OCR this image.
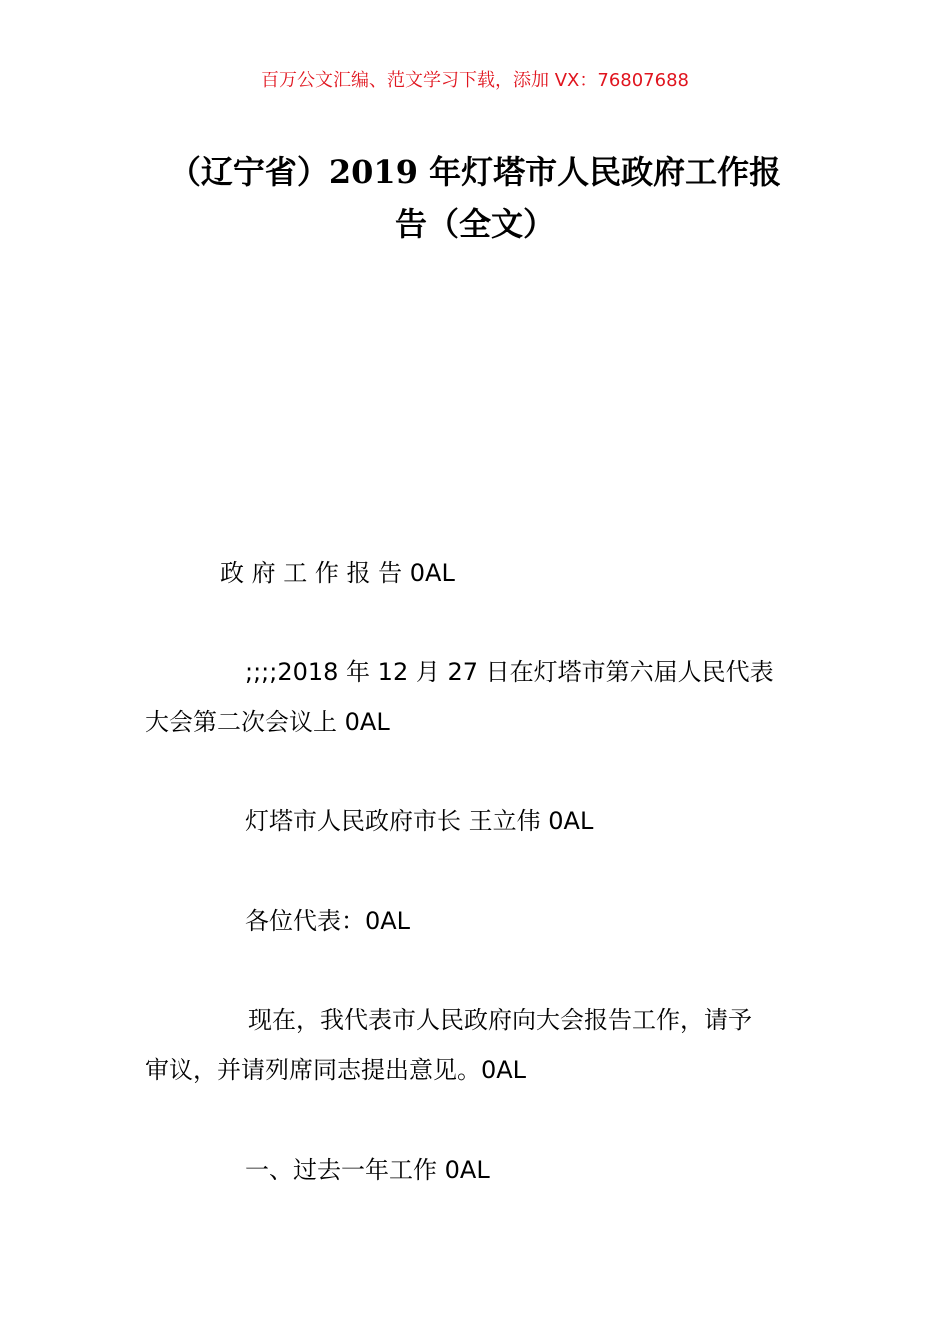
百万公文汇编、范文学习下载，添加 VX：76807688
（辽宁省）2019 年灯塔市人民政府工作报
告（全文）

政 府 工 作 报 告 0AL

;;;;2018 年 12 月 27 日在灯塔市第六届人民代表

大会第二次会议上 0AL

灯塔市人民政府市长 王立伟 0AL

各位代表：0AL

现在，我代表市人民政府向大会报告工作，请予

审议，并请列席同志提出意见。0AL

一、过去一年工作 0AL
